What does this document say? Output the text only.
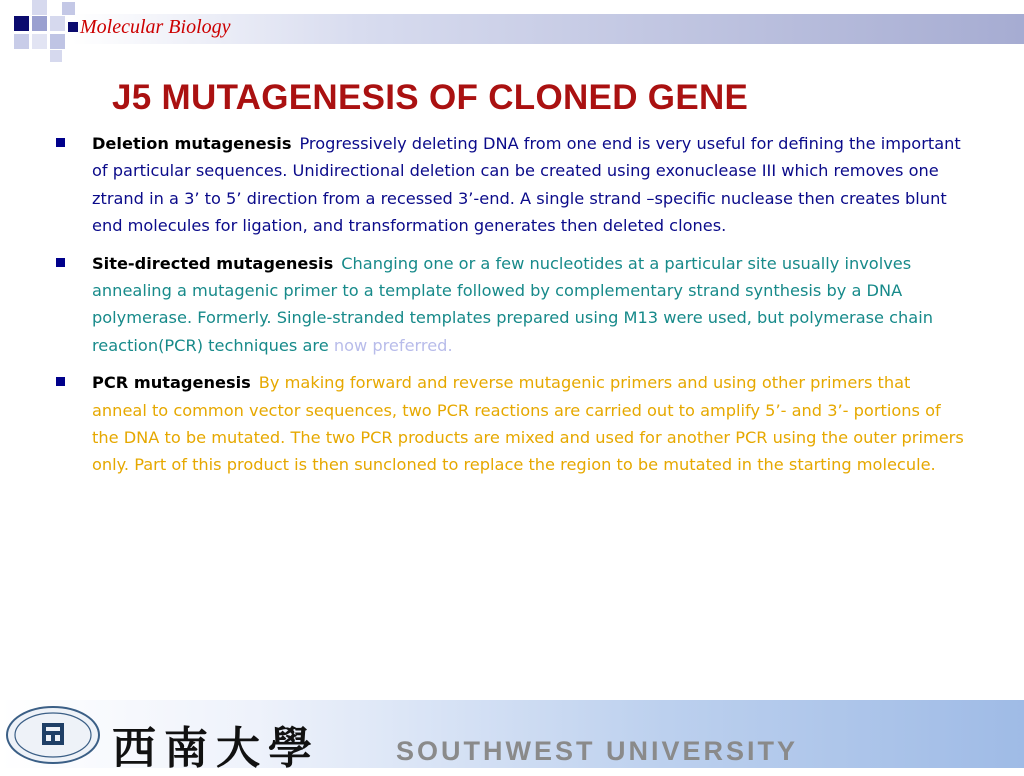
Molecular Biology
J5 MUTAGENESIS OF CLONED GENE
Deletion mutagenesis Progressively deleting DNA from one end is very useful for defining the important of particular sequences. Unidirectional deletion can be created using exonuclease III which removes one ztrand in a 3’ to 5’ direction from a recessed 3’-end. A single strand –specific nuclease then creates blunt end molecules for ligation, and transformation generates then deleted clones.
Site-directed mutagenesis Changing one or a few nucleotides at a particular site usually involves annealing a mutagenic primer to a template followed by complementary strand synthesis by a DNA polymerase. Formerly. Single-stranded templates prepared using M13 were used, but polymerase chain reaction(PCR) techniques are now preferred.
PCR mutagenesis By making forward and reverse mutagenic primers and using other primers that anneal to common vector sequences, two PCR reactions are carried out to amplify 5’- and 3’- portions of the DNA to be mutated. The two PCR products are mixed and used for another PCR using the outer primers only. Part of this product is then suncloned to replace the region to be mutated in the starting molecule.
西南大學	SOUTHWEST UNIVERSITY
